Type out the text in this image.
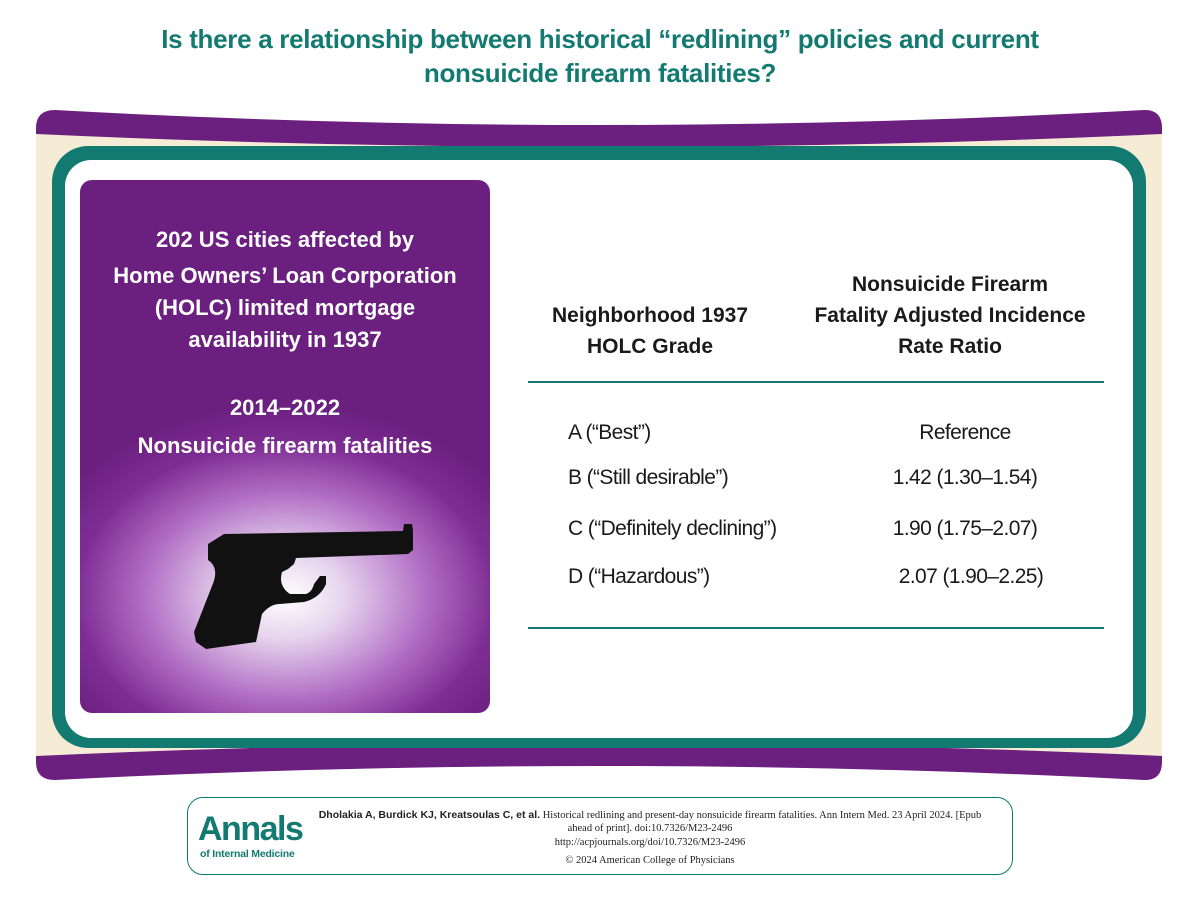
Is there a relationship between historical “redlining” policies and current
nonsuicide firearm fatalities?
202 US cities affected by
Home Owners’ Loan Corporation
(HOLC) limited mortgage
availability in 1937
2014–2022
Nonsuicide firearm fatalities
Neighborhood 1937
HOLC Grade
Nonsuicide Firearm
Fatality Adjusted Incidence
Rate Ratio
A (“Best”)	Reference
B (“Still desirable”)	1.42 (1.30–1.54)
C (“Definitely declining”)	1.90 (1.75–2.07)
D (“Hazardous”)	2.07 (1.90–2.25)
Annals
of Internal Medicine
Dholakia A, Burdick KJ, Kreatsoulas C, et al. Historical redlining and present-day nonsuicide firearm fatalities. Ann Intern Med. 23 April 2024. [Epub
ahead of print]. doi:10.7326/M23-2496
http://acpjournals.org/doi/10.7326/M23-2496
© 2024 American College of Physicians
